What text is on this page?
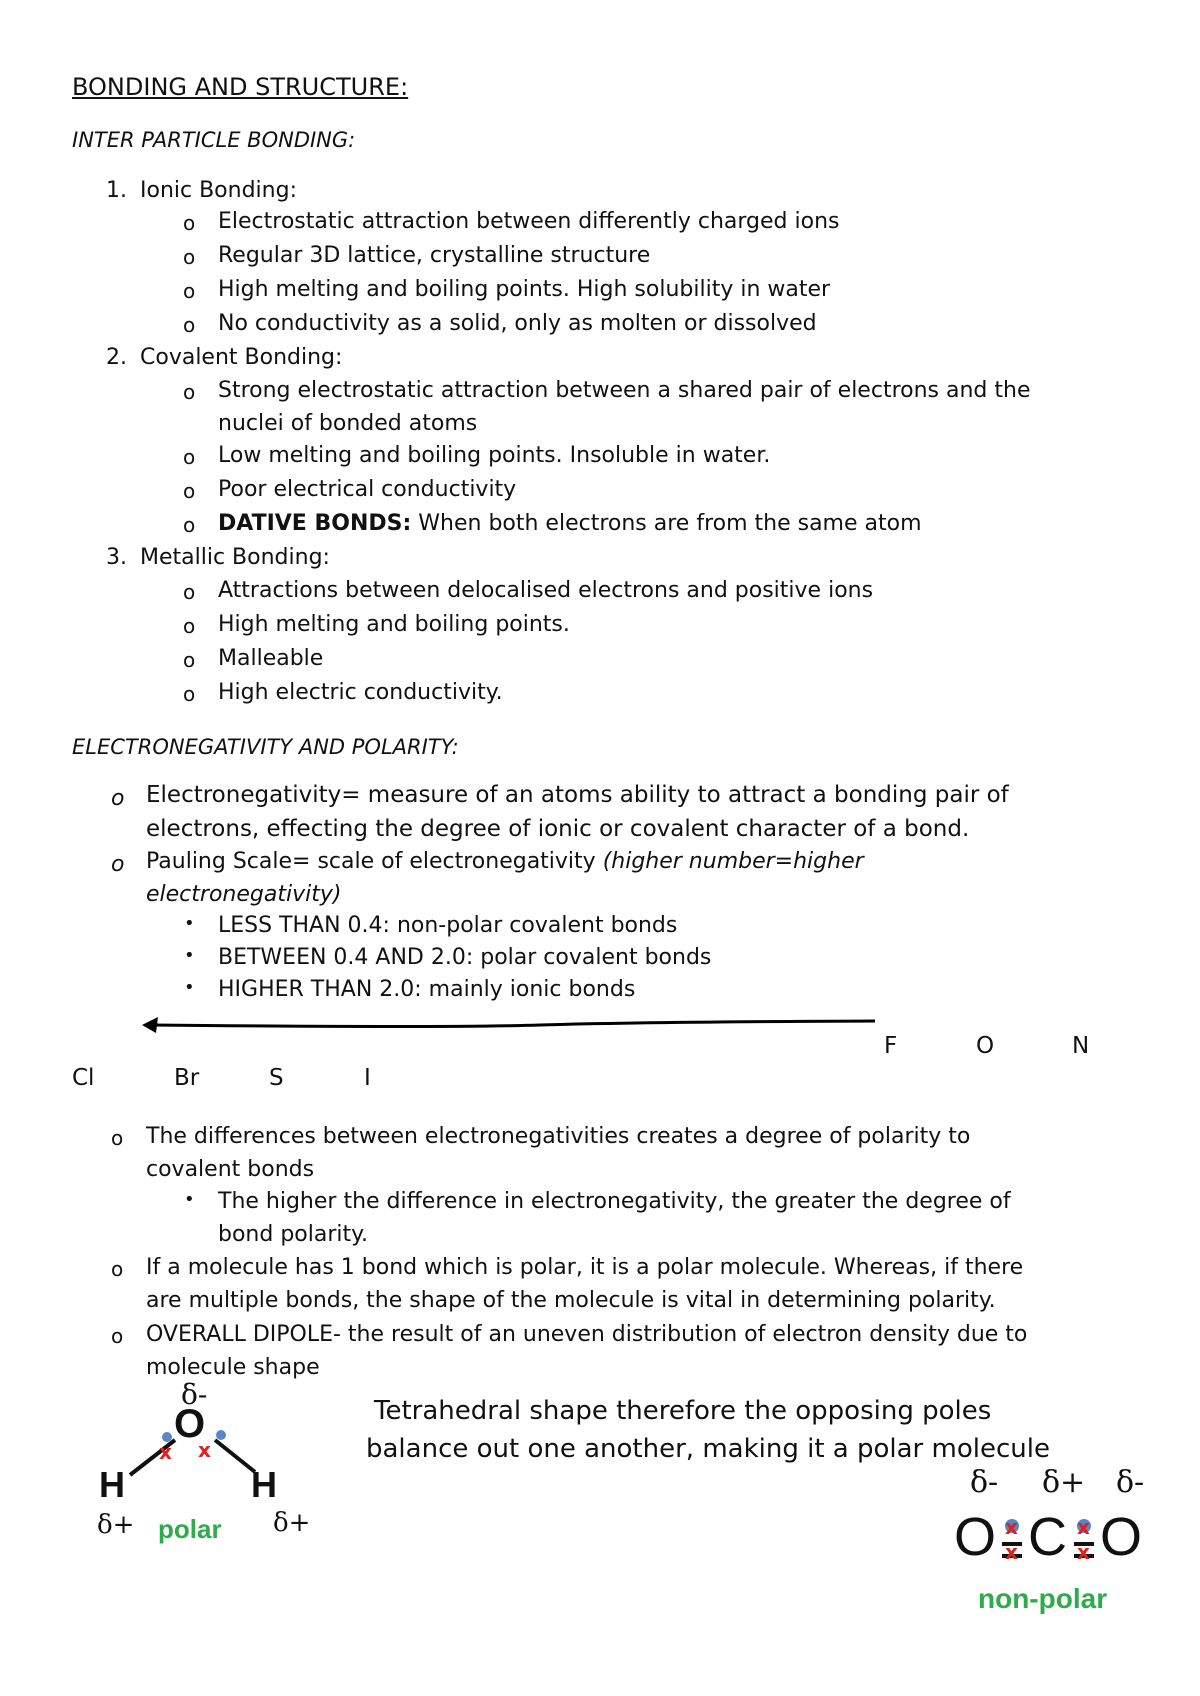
BONDING AND STRUCTURE:
INTER PARTICLE BONDING:
1. Ionic Bonding:
o Electrostatic attraction between differently charged ions
o Regular 3D lattice, crystalline structure
o High melting and boiling points. High solubility in water
o No conductivity as a solid, only as molten or dissolved
2. Covalent Bonding:
o Strong electrostatic attraction between a shared pair of electrons and the
nuclei of bonded atoms
o Low melting and boiling points. Insoluble in water.
o Poor electrical conductivity
o DATIVE BONDS: When both electrons are from the same atom
3. Metallic Bonding:
o Attractions between delocalised electrons and positive ions
o High melting and boiling points.
o Malleable
o High electric conductivity.
ELECTRONEGATIVITY AND POLARITY:
o Electronegativity= measure of an atoms ability to attract a bonding pair of
electrons, effecting the degree of ionic or covalent character of a bond.
o Pauling Scale= scale of electronegativity (higher number=higher
electronegativity)
• LESS THAN 0.4: non-polar covalent bonds
• BETWEEN 0.4 AND 2.0: polar covalent bonds
• HIGHER THAN 2.0: mainly ionic bonds
F	O	N
Cl	Br	S	I
o The differences between electronegativities creates a degree of polarity to
covalent bonds
• The higher the difference in electronegativity, the greater the degree of
bond polarity.
o If a molecule has 1 bond which is polar, it is a polar molecule. Whereas, if there
are multiple bonds, the shape of the molecule is vital in determining polarity.
o OVERALL DIPOLE- the result of an uneven distribution of electron density due to
molecule shape
Tetrahedral shape therefore the opposing poles
balance out one another, making it a polar molecule
δ-
O
x x
H	H
δ+	δ+
polar
δ- δ+ δ-
O C O
x
x
x
x
non-polar
